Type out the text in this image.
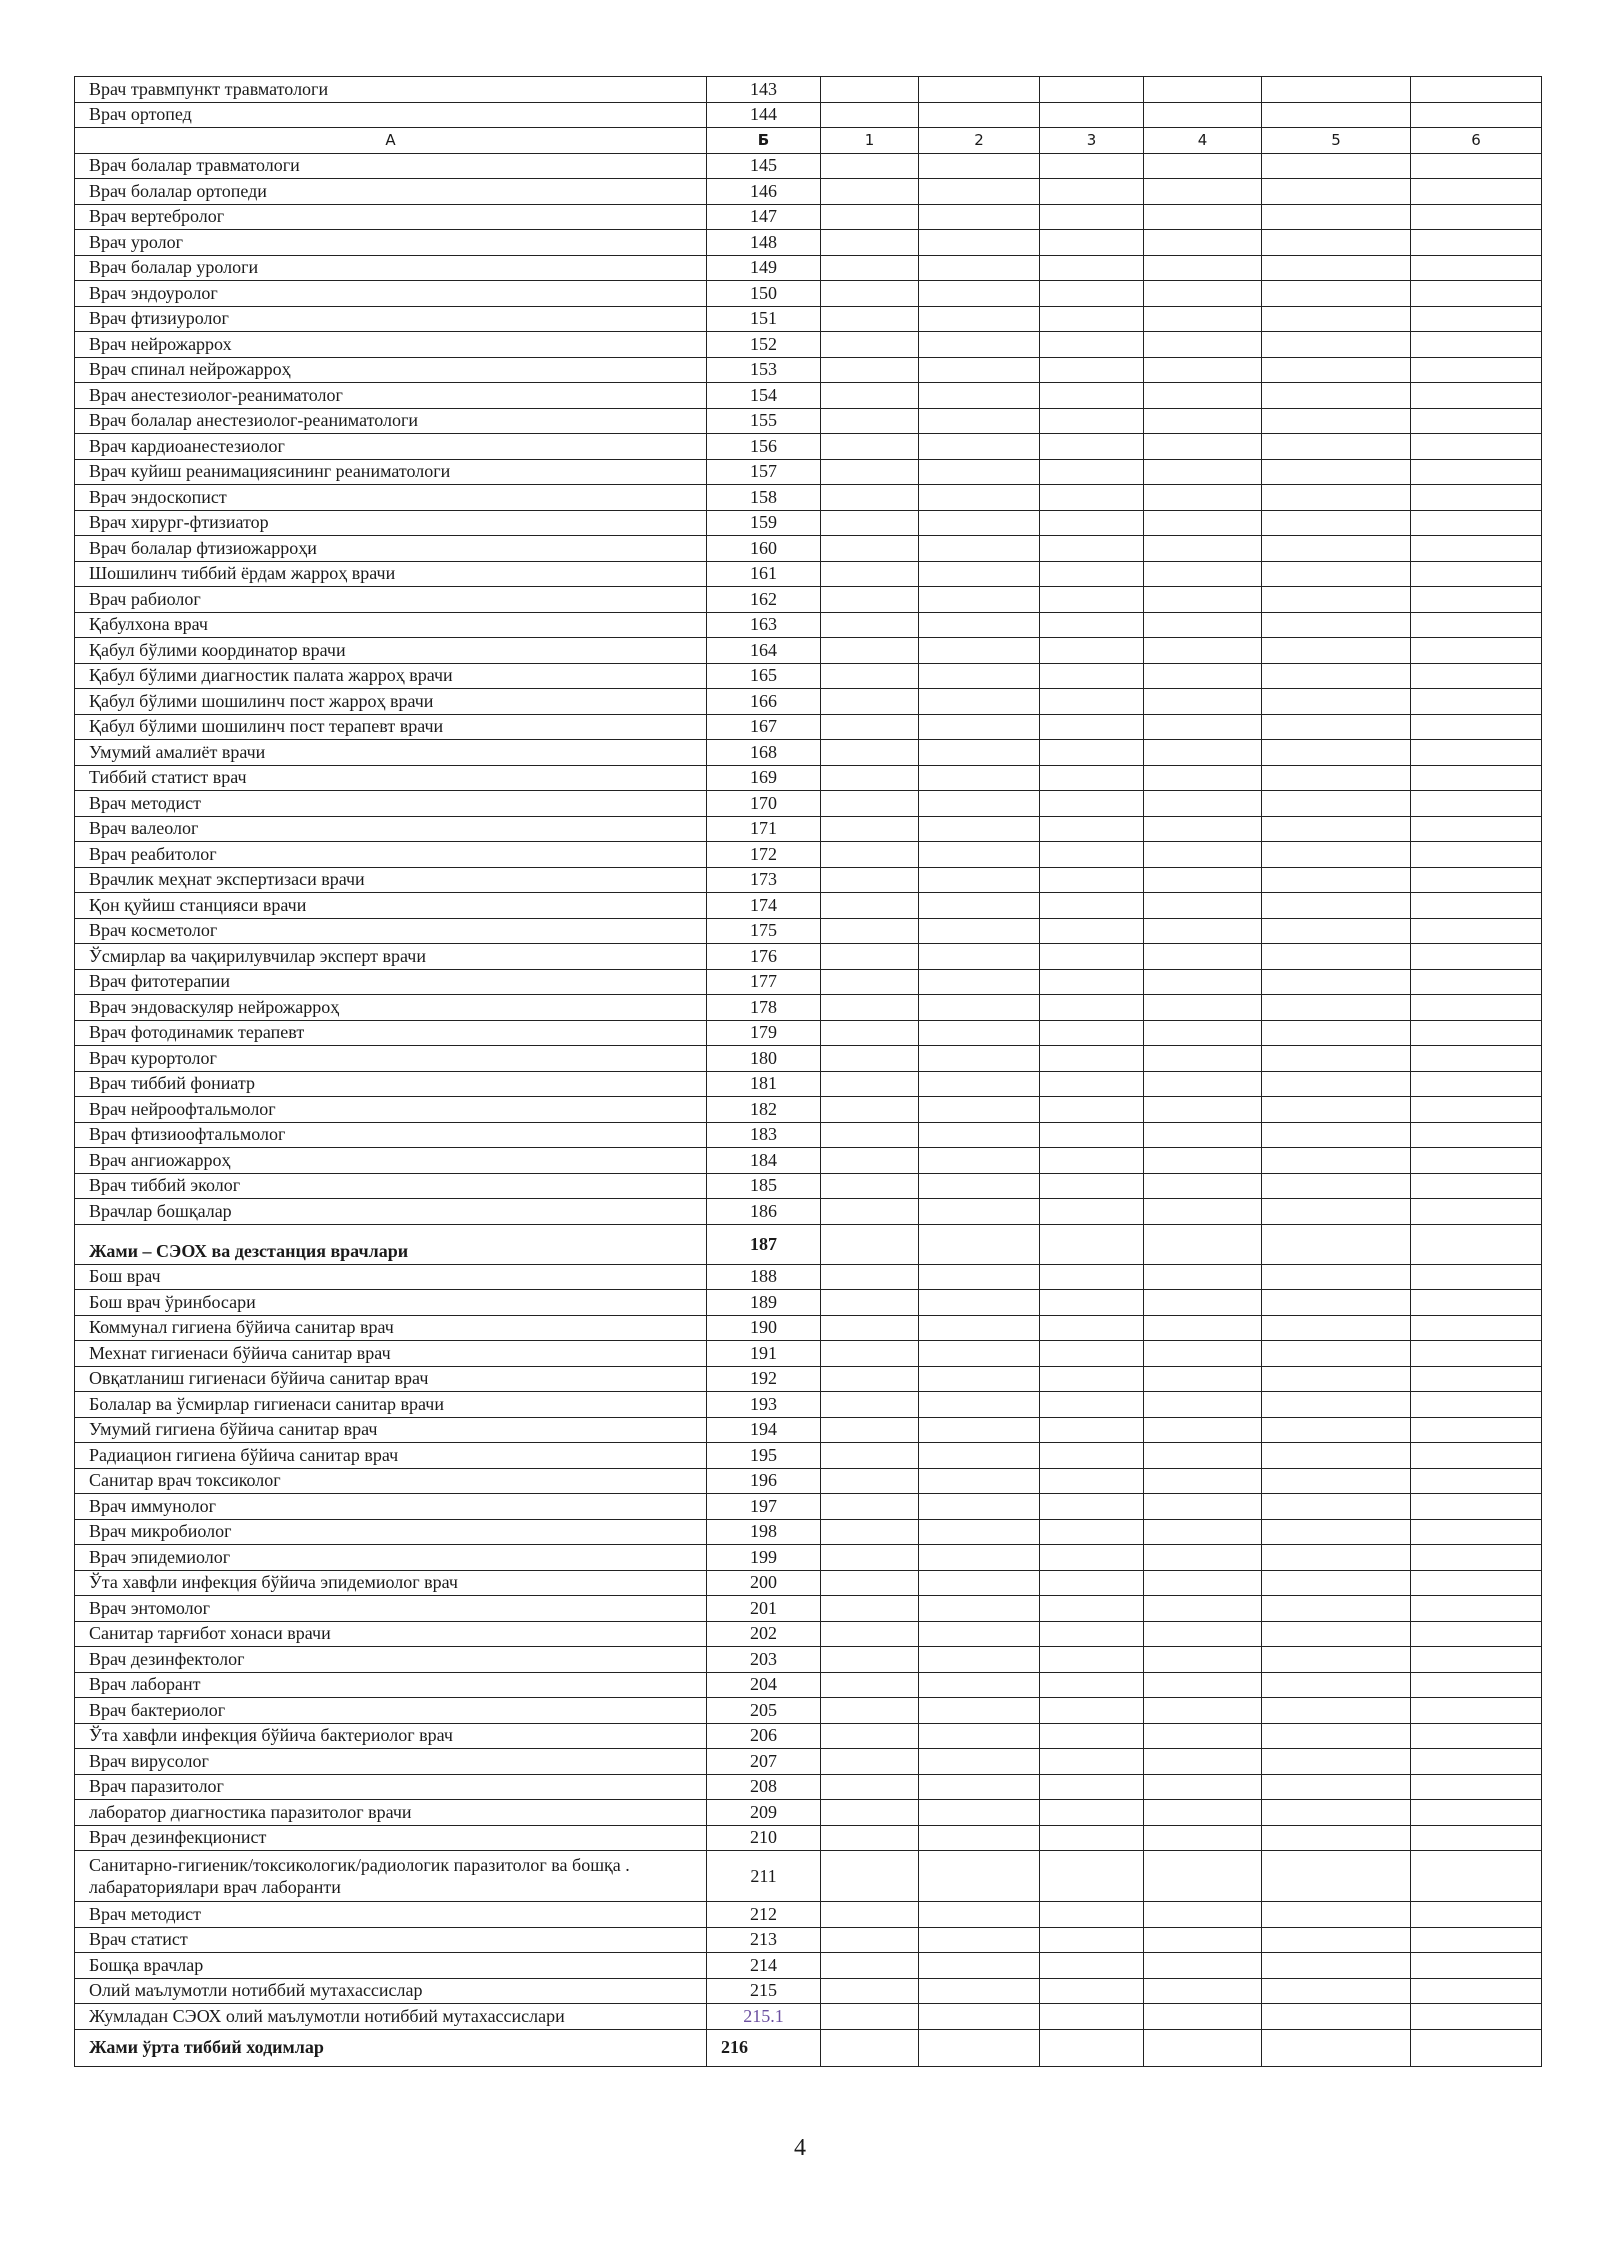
Врач травмпункт травматологи	143						
Врач ортопед	144						
А	Б	1	2	3	4	5	6
Врач болалар травматологи	145						
Врач болалар ортопеди	146						
Врач вертебролог	147						
Врач уролог	148						
Врач болалар урологи	149						
Врач эндоуролог	150						
Врач фтизиуролог	151						
Врач нейрожаррох	152						
Врач спинал нейрожарроҳ	153						
Врач анестезиолог-реаниматолог	154						
Врач болалар анестезиолог-реаниматологи	155						
Врач кардиоанестезиолог	156						
Врач куйиш реанимациясининг реаниматологи	157						
Врач эндоскопист	158						
Врач хирург-фтизиатор	159						
Врач болалар фтизиожарроҳи	160						
Шошилинч тиббий ёрдам жарроҳ врачи	161						
Врач рабиолог	162						
Қабулхона врач	163						
Қабул бўлими координатор врачи	164						
Қабул бўлими диагностик палата жарроҳ врачи	165						
Қабул бўлими шошилинч пост жарроҳ врачи	166						
Қабул бўлими шошилинч пост терапевт врачи	167						
Умумий амалиёт врачи	168						
Тиббий статист врач	169						
Врач методист	170						
Врач валеолог	171						
Врач реабитолог	172						
Врачлик меҳнат экспертизаси врачи	173						
Қон қуйиш станцияси врачи	174						
Врач косметолог	175						
Ўсмирлар ва чақирилувчилар эксперт врачи	176						
Врач фитотерапии	177						
Врач эндоваскуляр нейрожарроҳ	178						
Врач фотодинамик терапевт	179						
Врач курортолог	180						
Врач тиббий фониатр	181						
Врач нейроофтальмолог	182						
Врач фтизиоофтальмолог	183						
Врач ангиожарроҳ	184						
Врач тиббий эколог	185						
Врачлар бошқалар	186						
Жами – СЭОХ ва дезстанция врачлари	187						
Бош врач	188						
Бош врач ўринбосари	189						
Коммунал гигиена бўйича санитар врач	190						
Мехнат гигиенаси бўйича санитар врач	191						
Овқатланиш гигиенаси бўйича санитар врач	192						
Болалар ва ўсмирлар гигиенаси санитар врачи	193						
Умумий гигиена бўйича санитар врач	194						
Радиацион гигиена бўйича санитар врач	195						
Санитар врач токсиколог	196						
Врач иммунолог	197						
Врач микробиолог	198						
Врач эпидемиолог	199						
Ўта хавфли инфекция бўйича эпидемиолог врач	200						
Врач энтомолог	201						
Санитар тарғибот хонаси врачи	202						
Врач дезинфектолог	203						
Врач лаборант	204						
Врач бактериолог	205						
Ўта хавфли инфекция бўйича бактериолог врач	206						
Врач вирусолог	207						
Врач паразитолог	208						
лаборатор диагностика паразитолог врачи	209						
Врач дезинфекционист	210						
Санитарно-гигиеник/токсикологик/радиологик паразитолог ва бошқа . лабараториялари врач лаборанти	211						
Врач методист	212						
Врач статист	213						
Бошқа врачлар	214						
Олий маълумотли нотиббий мутахассислар	215						
Жумладан СЭОХ олий маълумотли нотиббий мутахассислари	215.1						
Жами ўрта тиббий ходимлар	216						
4
